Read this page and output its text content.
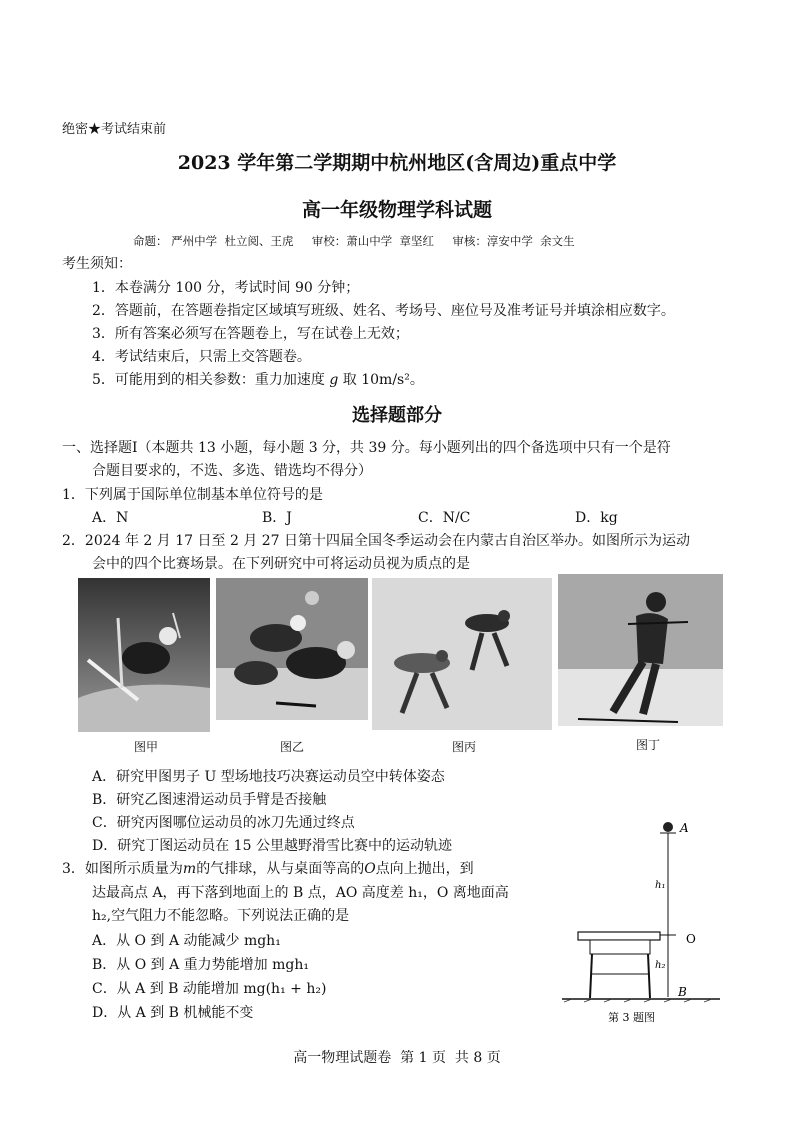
绝密★考试结束前
2023 学年第二学期期中杭州地区(含周边)重点中学
高一年级物理学科试题
命题： 严州中学  杜立阅、王虎     审校：萧山中学  章坚红     审核：淳安中学  余文生
考生须知：
1．本卷满分 100 分，考试时间 90 分钟；
2．答题前，在答题卷指定区域填写班级、姓名、考场号、座位号及准考证号并填涂相应数字。
3．所有答案必须写在答题卷上，写在试卷上无效；
4．考试结束后，只需上交答题卷。
5．可能用到的相关参数：重力加速度 g 取 10m/s²。
选择题部分
一、选择题Ⅰ（本题共 13 小题，每小题 3 分，共 39 分。每小题列出的四个备选项中只有一个是符
合题目要求的，不选、多选、错选均不得分）
1．下列属于国际单位制基本单位符号的是
A．N	B．J	C．N/C	D．kg
2．2024 年 2 月 17 日至 2 月 27 日第十四届全国冬季运动会在内蒙古自治区举办。如图所示为运动
会中的四个比赛场景。在下列研究中可将运动员视为质点的是
图甲	图乙	图丙	图丁
A．研究甲图男子 U 型场地技巧决赛运动员空中转体姿态
B．研究乙图速滑运动员手臂是否接触
C．研究丙图哪位运动员的冰刀先通过终点
D．研究丁图运动员在 15 公里越野滑雪比赛中的运动轨迹
3．如图所示质量为m的气排球，从与桌面等高的O点向上抛出，到
达最高点 A，再下落到地面上的 B 点，AO 高度差 h₁，O 离地面高
h₂,空气阻力不能忽略。下列说法正确的是
A．从 O 到 A 动能减少 mgh₁
B．从 O 到 A 重力势能增加 mgh₁
C．从 A 到 B 动能增加 mg(h₁ + h₂)
D．从 A 到 B 机械能不变
A
h₁
O
h₂
B
第 3 题图
高一物理试题卷  第 1 页  共 8 页
